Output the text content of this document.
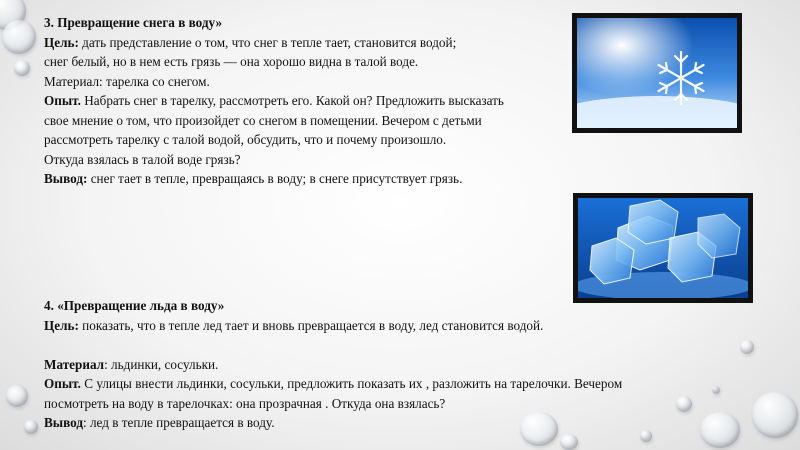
3. Превращение снега в воду»

Цель: дать представление о том, что снег в тепле тает, становится водой;

снег белый, но в нем есть грязь — она хорошо видна в талой воде.

Материал: тарелка со снегом.

Опыт. Набрать снег в тарелку, рассмотреть его. Какой он? Предложить высказать

свое мнение о том, что произойдет со снегом в помещении. Вечером с детьми

рассмотреть тарелку с талой водой, обсудить, что и почему произошло.

Откуда взялась в талой воде грязь?

Вывод: снег тает в тепле, превращаясь в воду; в снеге присутствует грязь.

4. «Превращение льда в воду»

Цель: показать, что в тепле лед тает и вновь превращается в воду, лед становится водой.

Материал: льдинки, сосульки.

Опыт. С улицы внести льдинки, сосульки, предложить показать их , разложить на тарелочки. Вечером

посмотреть на воду в тарелочках: она прозрачная . Откуда она взялась?

Вывод: лед в тепле превращается в воду.
